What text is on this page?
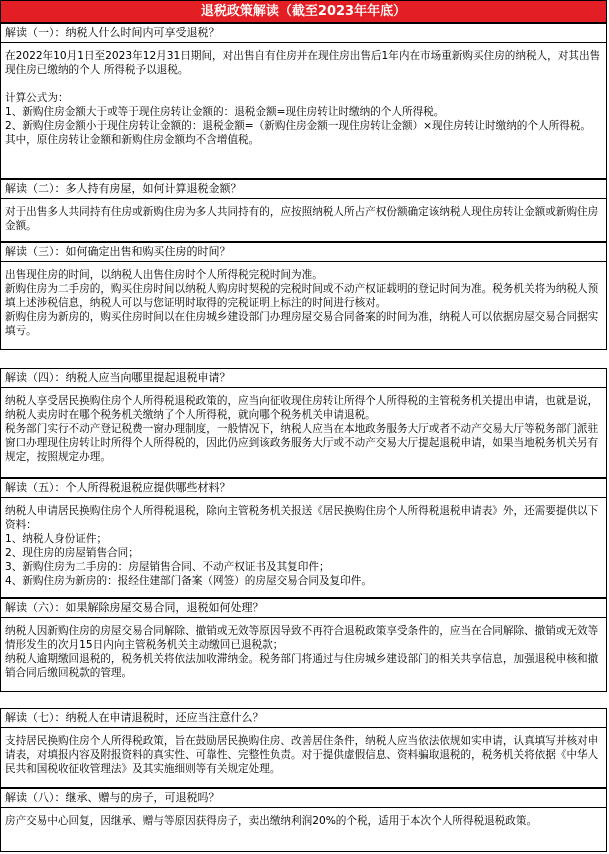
退税政策解读（截至2023年年底）
解读（一）：纳税人什么时间内可享受退税？

在2022年10月1日至2023年12月31日期间，对出售自有住房并在现住房出售后1年内在市场重新购买住房的纳税人，对其出售现住房已缴纳的个人 所得税予以退税。

计算公式为：

1、新购住房金额大于或等于现住房转让金额的：退税金额=现住房转让时缴纳的个人所得税。

2、新购住房金额小于现住房转让金额的：退税金额=（新购住房金额一现住房转让金额）×现住房转让时缴纳的个人所得税。

其中，原住房转让金额和新购住房金额均不含增值税。

解读（二）：多人持有房屋，如何计算退税金额？

对于出售多人共同持有住房或新购住房为多人共同持有的，应按照纳税人所占产权份额确定该纳税人现住房转让金额或新购住房金额。

解读（三）：如何确定出售和购买住房的时间？

出售现住房的时间，以纳税人出售住房时个人所得税完税时间为准。

新购住房为二手房的，购买住房时间以纳税人购房时契税的完税时间或不动产权证载明的登记时间为准。税务机关将为纳税人预填上述涉税信息，纳税人可以与您证明时取得的完税证明上标注的时间进行核对。

新购住房为新房的，购买住房时间以在住房城乡建设部门办理房屋交易合同备案的时间为准，纳税人可以依据房屋交易合同据实填亏。

解读（四）：纳税人应当向哪里提起退税申请？

纳税人享受居民换购住房个人所得税退税政策的，应当向征收现住房转让所得个人所得税的主管税务机关提出申请，也就是说，纳税人卖房时在哪个税务机关缴纳了个人所得税，就向哪个税务机关申请退税。

税务部门实行不动产登记税费一窗办理制度，一般情况下，纳税人应当在本地政务服务大厅或者不动产交易大厅等税务部门派驻窗口办理现住房转让时所得个人所得税的，因此仍应到该政务服务大厅或不动产交易大厅提起退税申请，如果当地税务机关另有规定，按照规定办理。

解读（五）：个人所得税退税应提供哪些材料？

纳税人申请居民换购住房个人所得税退税，除向主管税务机关报送《居民换购住房个人所得税退税申请表》外，还需要提供以下资料：

1、纳税人身份证件；

2、现住房的房屋销售合同；

3、新购住房为二手房的：房屋销售合同、不动产权证书及其复印件；

4、新购住房为新房的：报经住建部门备案（网签）的房屋交易合同及复印件。

解读（六）：如果解除房屋交易合同，退税如何处理？

纳税人因新购住房的房屋交易合同解除、撤销或无效等原因导致不再符合退税政策享受条件的，应当在合同解除、撤销或无效等情形发生的次月15日内向主管税务机关主动缴回已退税款；

纳税人逾期缴回退税的，税务机关将依法加收滞纳金。税务部门将通过与住房城乡建设部门的相关共享信息，加强退税申核和撤销合同后缴回税款的管理。

解读（七）：纳税人在申请退税时，还应当注意什么？

支持居民换购住房个人所得税政策，旨在鼓励居民换购住房、改善居住条件，纳税人应当依法依规如实申请，认真填写并核对申请表，对填报内容及附报资料的真实性、可靠性、完整性负责。对于提供虚假信息、资料骗取退税的，税务机关将依据《中华人民共和国税收征收管理法》及其实施细则等有关规定处理。

解读（八）：继承、赠与的房子，可退税吗？

房产交易中心回复，因继承、赠与等原因获得房子，卖出缴纳利润20%的个税，适用于本次个人所得税退税政策。
